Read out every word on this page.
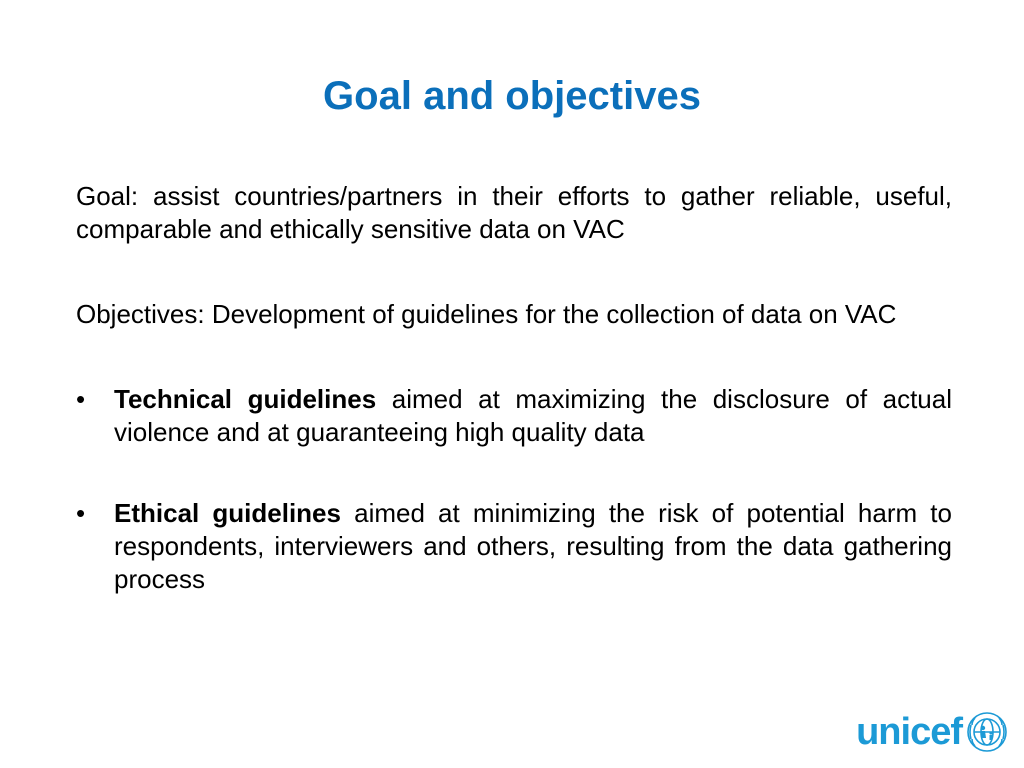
Goal and objectives

Goal: assist countries/partners in their efforts to gather reliable, useful, comparable and ethically sensitive data on VAC

Objectives: Development of guidelines for the collection of data on VAC

• Technical guidelines aimed at maximizing the disclosure of actual violence and at guaranteeing high quality data
• Ethical guidelines aimed at minimizing the risk of potential harm to respondents, interviewers and others, resulting from the data gathering process
unicef
